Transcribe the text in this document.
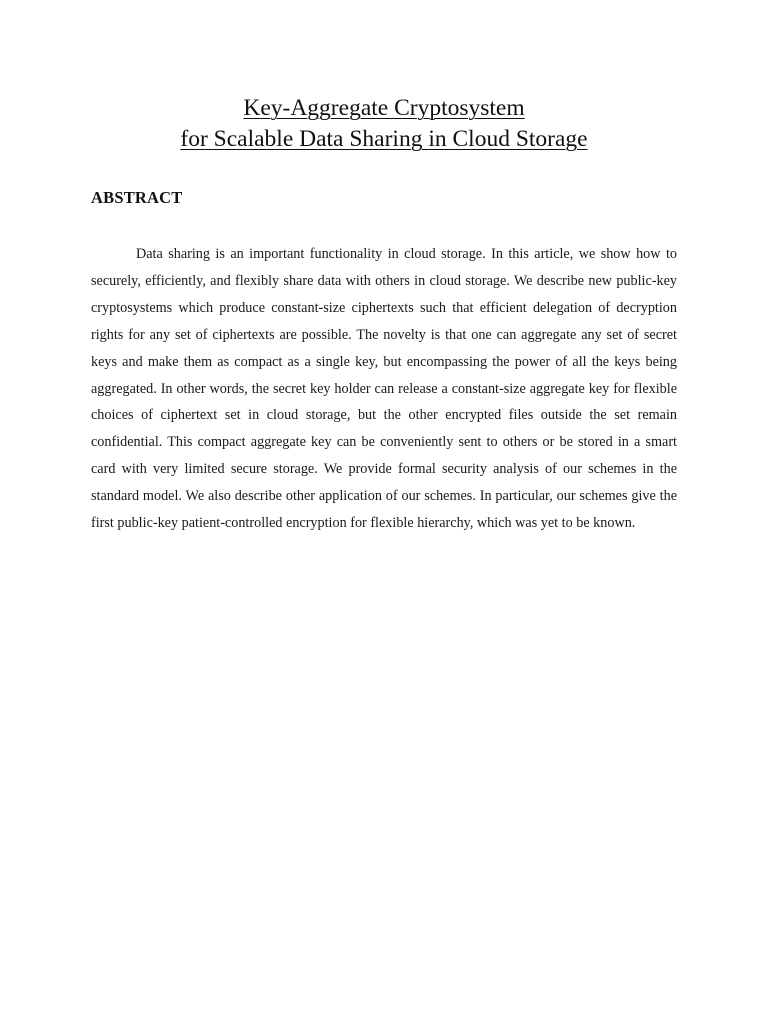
Key-Aggregate Cryptosystem
for Scalable Data Sharing in Cloud Storage
ABSTRACT

Data sharing is an important functionality in cloud storage. In this article, we show how to securely, efficiently, and flexibly share data with others in cloud storage. We describe new public-key cryptosystems which produce constant-size ciphertexts such that efficient delegation of decryption rights for any set of ciphertexts are possible. The novelty is that one can aggregate any set of secret keys and make them as compact as a single key, but encompassing the power of all the keys being aggregated. In other words, the secret key holder can release a constant-size aggregate key for flexible choices of ciphertext set in cloud storage, but the other encrypted files outside the set remain confidential. This compact aggregate key can be conveniently sent to others or be stored in a smart card with very limited secure storage. We provide formal security analysis of our schemes in the standard model. We also describe other application of our schemes. In particular, our schemes give the first public-key patient-controlled encryption for flexible hierarchy, which was yet to be known.
